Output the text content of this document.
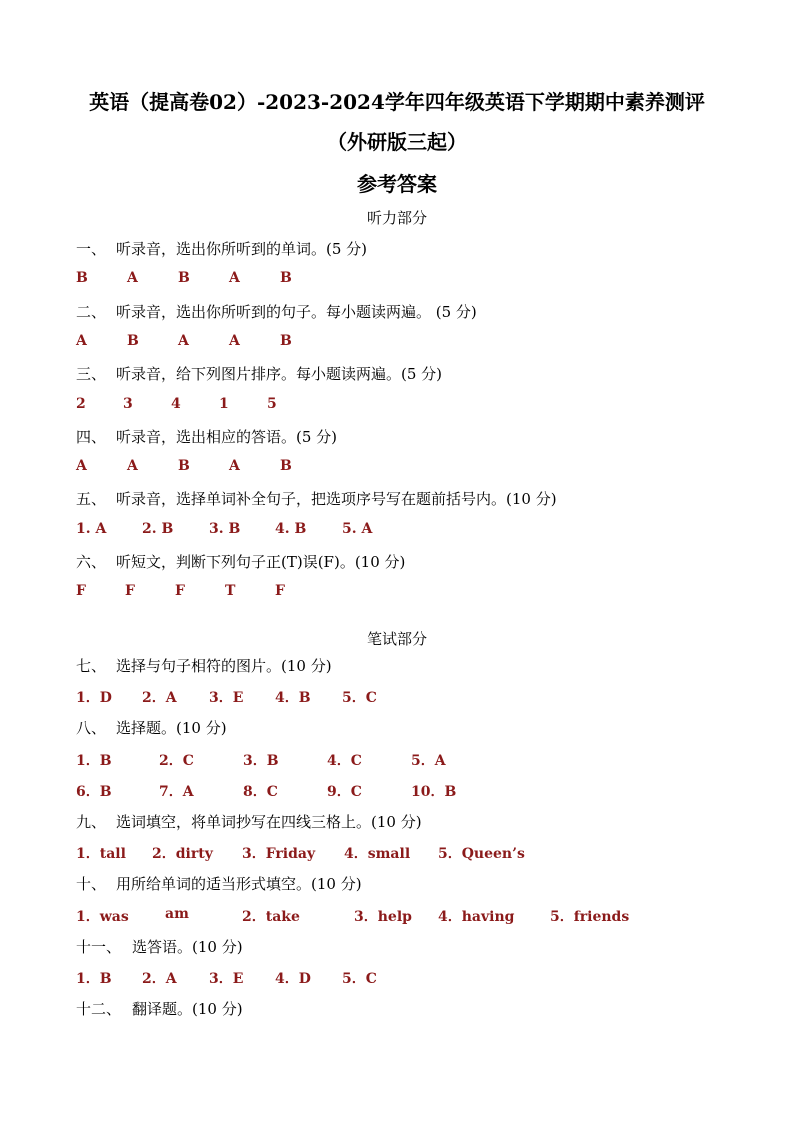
英语（提高卷02）-2023-2024学年四年级英语下学期期中素养测评
（外研版三起）
参考答案
听力部分
一、 听录音，选出你所听到的单词。(5 分)
B	A	B	A	B
二、 听录音，选出你所听到的句子。每小题读两遍。 (5 分)
A	B	A	A	B
三、 听录音，给下列图片排序。每小题读两遍。(5 分)
2	3	4	1	5
四、 听录音，选出相应的答语。(5 分)
A	A	B	A	B
五、 听录音，选择单词补全句子，把选项序号写在题前括号内。(10 分)
1. A	2. B	3. B 4. B	5. A
六、 听短文，判断下列句子正(T)误(F)。(10 分)
F	F	F	T	F
笔试部分
七、 选择与句子相符的图片。(10 分)
1．D 2．A 3．E 4．B 5．C
八、 选择题。(10 分)
1．B	2．C	3．B	4．C	5．A
6．B	7．A	8．C	9．C	10．B
九、 选词填空，将单词抄写在四线三格上。(10 分)
1．tall 2．dirty 3．Friday 4．small 5．Queen’s
十、 用所给单词的适当形式填空。(10 分)
1．was	am	2．take	3．help 4．having	5．friends
十一、 选答语。(10 分)
1．B 2．A 3．E 4．D 5．C
十二、 翻译题。(10 分)
